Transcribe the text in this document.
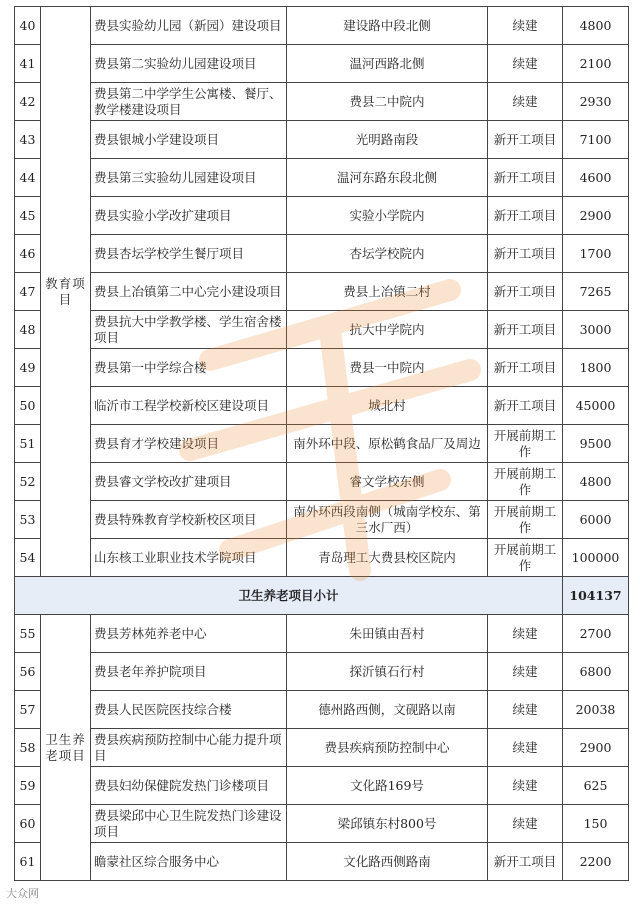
40	教育项目	费县实验幼儿园（新园）建设项目	建设路中段北侧	续建	4800
41		费县第二实验幼儿园建设项目	温河西路北侧	续建	2100
42		费县第二中学学生公寓楼、餐厅、教学楼建设项目	费县二中院内	续建	2930
43		费县银城小学建设项目	光明路南段	新开工项目	7100
44		费县第三实验幼儿园建设项目	温河东路东段北侧	新开工项目	4600
45		费县实验小学改扩建项目	实验小学院内	新开工项目	2900
46		费县杏坛学校学生餐厅项目	杏坛学校院内	新开工项目	1700
47		费县上冶镇第二中心完小建设项目	费县上冶镇二村	新开工项目	7265
48		费县抗大中学教学楼、学生宿舍楼项目	抗大中学院内	新开工项目	3000
49		费县第一中学综合楼	费县一中院内	新开工项目	1800
50		临沂市工程学校新校区建设项目	城北村	新开工项目	45000
51		费县育才学校建设项目	南外环中段、原松鹤食品厂及周边	开展前期工作	9500
52		费县睿文学校改扩建项目	睿文学校东侧	开展前期工作	4800
53		费县特殊教育学校新校区项目	南外环西段南侧（城南学校东、第三水厂西）	开展前期工作	6000
54		山东核工业职业技术学院项目	青岛理工大费县校区院内	开展前期工作	100000
卫生养老项目小计					104137
55	卫生养老项目	费县芳林苑养老中心	朱田镇由吾村	续建	2700
56		费县老年养护院项目	探沂镇石行村	续建	6800
57		费县人民医院医技综合楼	德州路西侧，文砚路以南	续建	20038
58		费县疾病预防控制中心能力提升项目	费县疾病预防控制中心	续建	2900
59		费县妇幼保健院发热门诊楼项目	文化路169号	续建	625
60		费县梁邱中心卫生院发热门诊建设项目	梁邱镇东村800号	续建	150
61		瞻蒙社区综合服务中心	文化路西侧路南	新开工项目	2200
大众网
